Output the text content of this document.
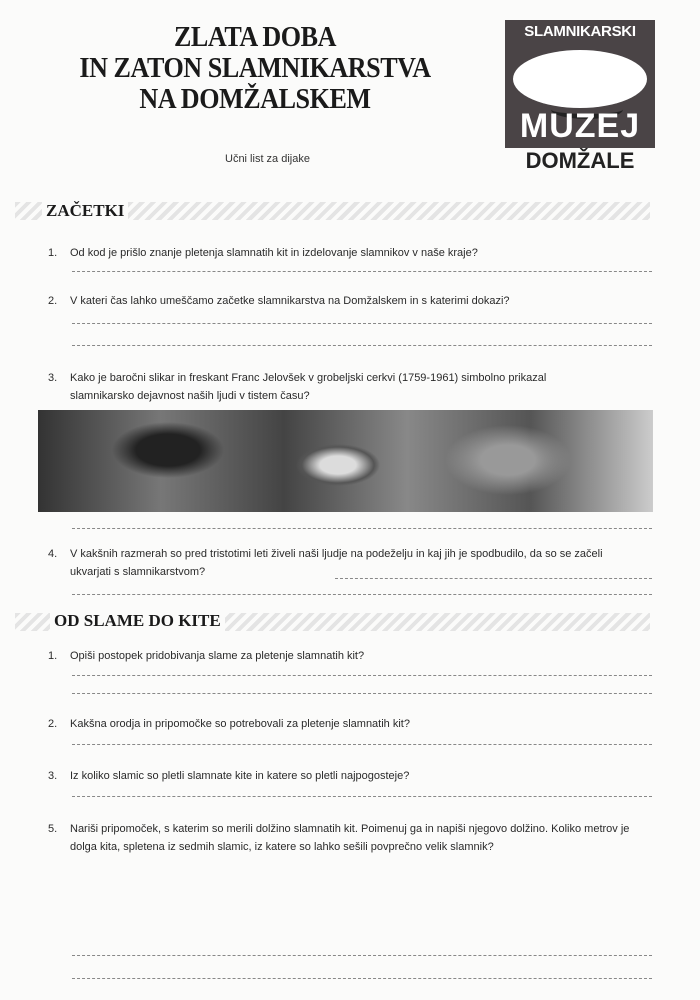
ZLATA DOBA
IN ZATON SLAMNIKARSTVA
NA DOMŽALSKEM
SLAMNIKARSKI
MUZEJ
DOMŽALE
Učni list za dijake
ZAČETKI
1. Od kod je prišlo znanje pletenja slamnatih kit in izdelovanje slamnikov v naše kraje?
2. V kateri čas lahko umeščamo začetke slamnikarstva na Domžalskem in s katerimi dokazi?
3. Kako je baročni slikar in freskant Franc Jelovšek v grobeljski cerkvi (1759-1961) simbolno prikazal slamnikarsko dejavnost naših ljudi v tistem času?
4. V kakšnih razmerah so pred tristotimi leti živeli naši ljudje na podeželju in kaj jih je spodbudilo, da so se začeli ukvarjati s slamnikarstvom?
OD SLAME DO KITE
1. Opiši postopek pridobivanja slame za pletenje slamnatih kit?
2. Kakšna orodja in pripomočke so potrebovali za pletenje slamnatih kit?
3. Iz koliko slamic so pletli slamnate kite in katere so pletli najpogosteje?
5. Nariši pripomoček, s katerim so merili dolžino slamnatih kit. Poimenuj ga in napiši njegovo dolžino. Koliko metrov je dolga kita, spletena iz sedmih slamic, iz katere so lahko sešili povprečno velik slamnik?
